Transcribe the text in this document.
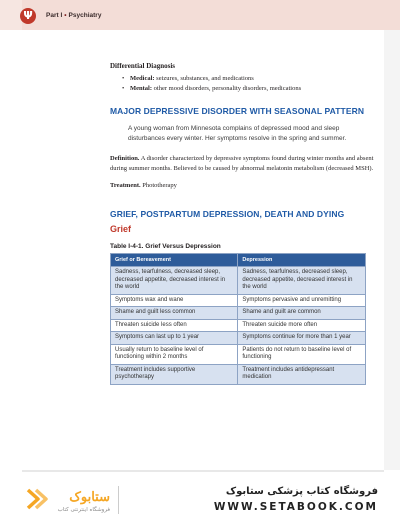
Ψ	Part I • Psychiatry
Differential Diagnosis
• Medical: seizures, substances, and medications
• Mental: other mood disorders, personality disorders, medications
MAJOR DEPRESSIVE DISORDER WITH SEASONAL PATTERN
A young woman from Minnesota complains of depressed mood and sleep disturbances every winter. Her symptoms resolve in the spring and summer.
Definition. A disorder characterized by depressive symptoms found during winter months and absent during summer months. Believed to be caused by abnormal melatonin metabolism (decreased MSH).
Treatment. Phototherapy
GRIEF, POSTPARTUM DEPRESSION, DEATH AND DYING
Grief
Table I-4-1. Grief Versus Depression
Grief or Bereavement	Depression
Sadness, tearfulness, decreased sleep, decreased appetite, decreased interest in the world	Sadness, tearfulness, decreased sleep, decreased appetite, decreased interest in the world
Symptoms wax and wane	Symptoms pervasive and unremitting
Shame and guilt less common	Shame and guilt are common
Threaten suicide less often	Threaten suicide more often
Symptoms can last up to 1 year	Symptoms continue for more than 1 year
Usually return to baseline level of functioning within 2 months	Patients do not return to baseline level of functioning
Treatment includes supportive psychotherapy	Treatment includes antidepressant medication
ستابوک
فروشگاه اینترنتی کتاب
فروشگاه کتاب پزشکی ستابوک
WWW.SETABOOK.COM
